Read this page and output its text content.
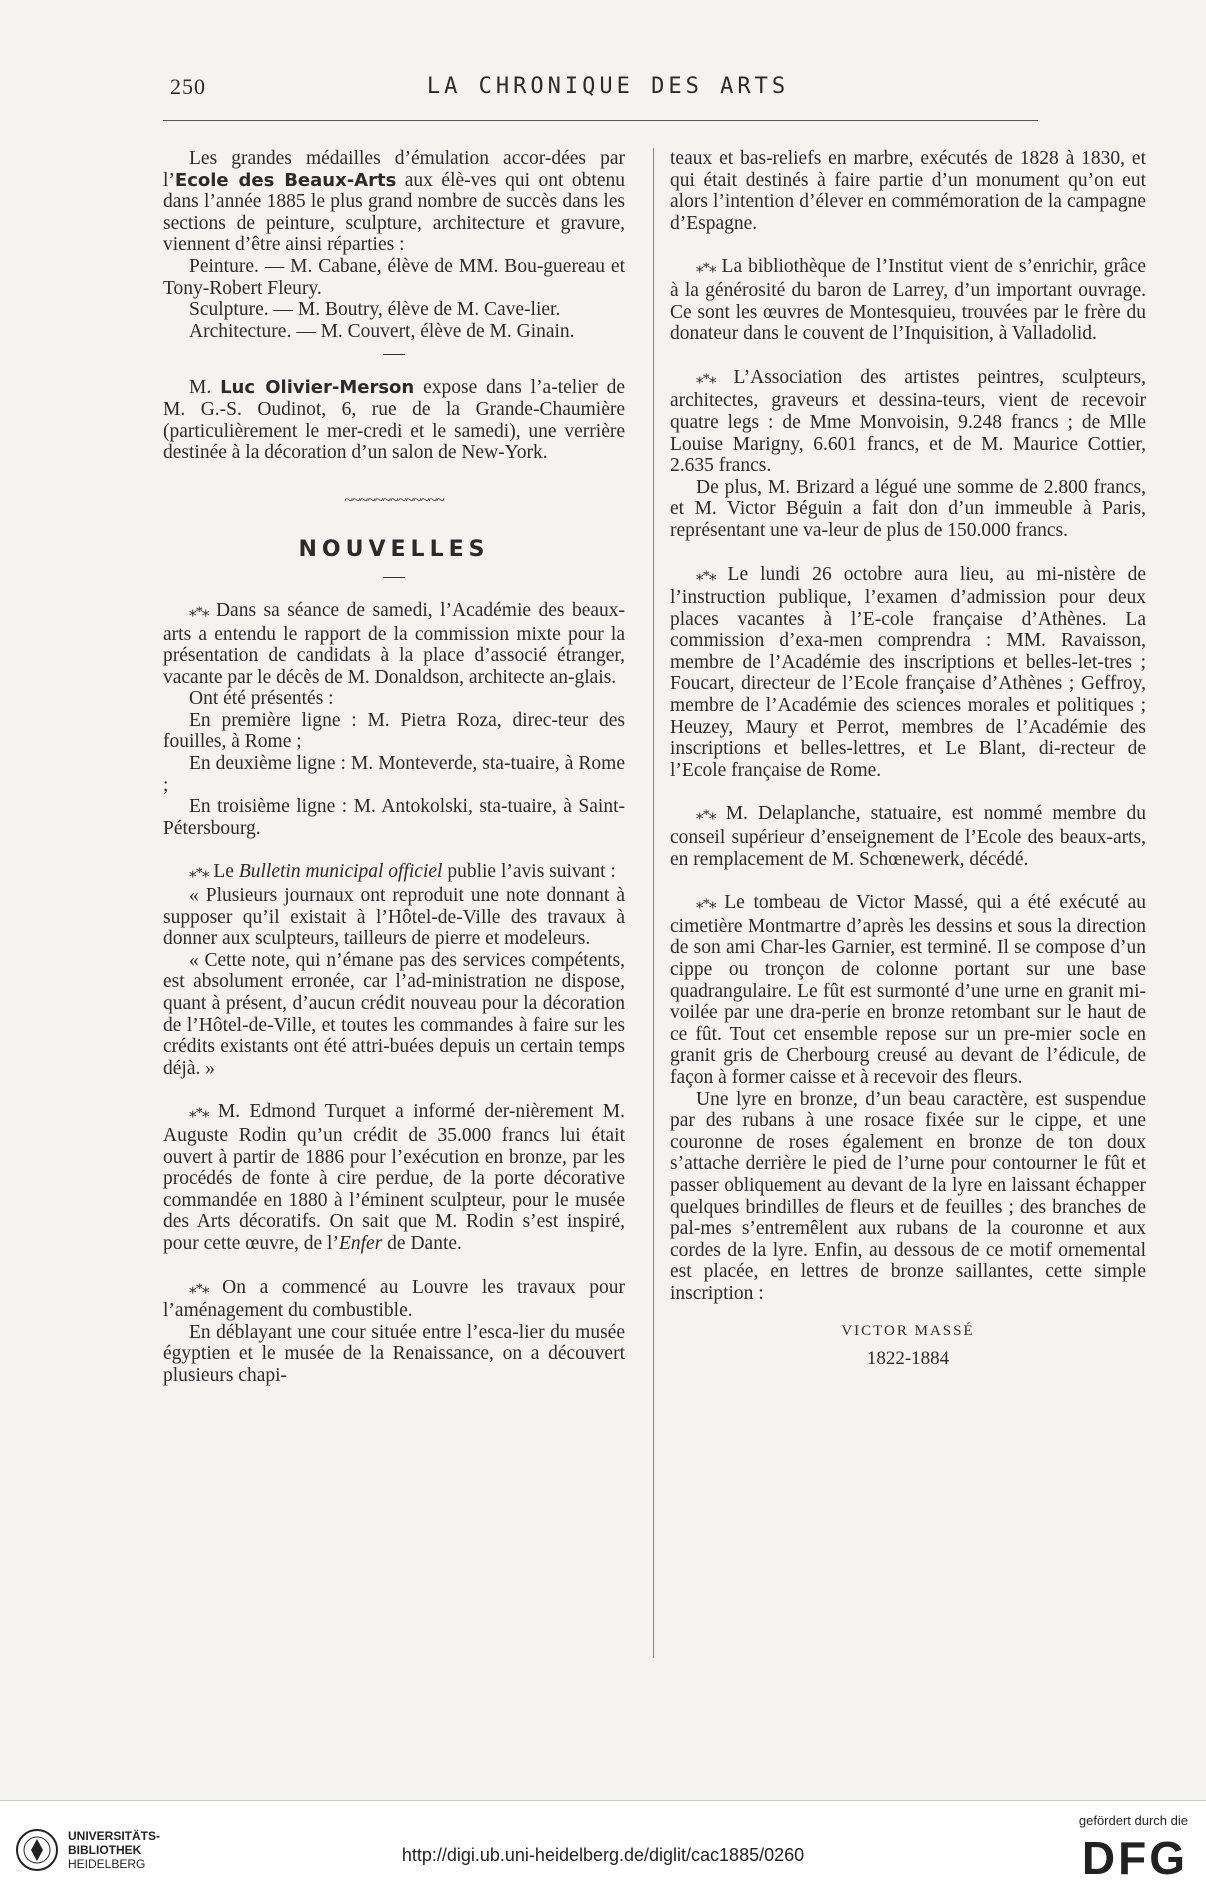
250	LA CHRONIQUE DES ARTS

Les grandes médailles d’émulation accor-dées par l’Ecole des Beaux-Arts aux élè-ves qui ont obtenu dans l’année 1885 le plus grand nombre de succès dans les sections de peinture, sculpture, architecture et gravure, viennent d’être ainsi réparties :

Peinture. — M. Cabane, élève de MM. Bou-guereau et Tony-Robert Fleury.

Sculpture. — M. Boutry, élève de M. Cave-lier.

Architecture. — M. Couvert, élève de M. Ginain.

M. Luc Olivier-Merson expose dans l’a-telier de M. G.-S. Oudinot, 6, rue de la Grande-Chaumière (particulièrement le mer-credi et le samedi), une verrière destinée à la décoration d’un salon de New-York.

~~~~~~~~~~~~~
NOUVELLES

⁎*⁎ Dans sa séance de samedi, l’Académie des beaux-arts a entendu le rapport de la commission mixte pour la présentation de candidats à la place d’associé étranger, vacante par le décès de M. Donaldson, architecte an-glais.

Ont été présentés :

En première ligne : M. Pietra Roza, direc-teur des fouilles, à Rome ;

En deuxième ligne : M. Monteverde, sta-tuaire, à Rome ;

En troisième ligne : M. Antokolski, sta-tuaire, à Saint-Pétersbourg.

⁎*⁎ Le Bulletin municipal officiel publie l’avis suivant :

« Plusieurs journaux ont reproduit une note donnant à supposer qu’il existait à l’Hôtel-de-Ville des travaux à donner aux sculpteurs, tailleurs de pierre et modeleurs.

« Cette note, qui n’émane pas des services compétents, est absolument erronée, car l’ad-ministration ne dispose, quant à présent, d’aucun crédit nouveau pour la décoration de l’Hôtel-de-Ville, et toutes les commandes à faire sur les crédits existants ont été attri-buées depuis un certain temps déjà. »

⁎*⁎ M. Edmond Turquet a informé der-nièrement M. Auguste Rodin qu’un crédit de 35.000 francs lui était ouvert à partir de 1886 pour l’exécution en bronze, par les procédés de fonte à cire perdue, de la porte décorative commandée en 1880 à l’éminent sculpteur, pour le musée des Arts décoratifs. On sait que M. Rodin s’est inspiré, pour cette œuvre, de l’Enfer de Dante.

⁎*⁎ On a commencé au Louvre les travaux pour l’aménagement du combustible.

En déblayant une cour située entre l’esca-lier du musée égyptien et le musée de la Renaissance, on a découvert plusieurs chapi-

teaux et bas-reliefs en marbre, exécutés de 1828 à 1830, et qui était destinés à faire partie d’un monument qu’on eut alors l’intention d’élever en commémoration de la campagne d’Espagne.

⁎*⁎ La bibliothèque de l’Institut vient de s’enrichir, grâce à la générosité du baron de Larrey, d’un important ouvrage. Ce sont les œuvres de Montesquieu, trouvées par le frère du donateur dans le couvent de l’Inquisition, à Valladolid.

⁎*⁎ L’Association des artistes peintres, sculpteurs, architectes, graveurs et dessina-teurs, vient de recevoir quatre legs : de Mme Monvoisin, 9.248 francs ; de Mlle Louise Marigny, 6.601 francs, et de M. Maurice Cottier, 2.635 francs.

De plus, M. Brizard a légué une somme de 2.800 francs, et M. Victor Béguin a fait don d’un immeuble à Paris, représentant une va-leur de plus de 150.000 francs.

⁎*⁎ Le lundi 26 octobre aura lieu, au mi-nistère de l’instruction publique, l’examen d’admission pour deux places vacantes à l’E-cole française d’Athènes. La commission d’exa-men comprendra : MM. Ravaisson, membre de l’Académie des inscriptions et belles-let-tres ; Foucart, directeur de l’Ecole française d’Athènes ; Geffroy, membre de l’Académie des sciences morales et politiques ; Heuzey, Maury et Perrot, membres de l’Académie des inscriptions et belles-lettres, et Le Blant, di-recteur de l’Ecole française de Rome.

⁎*⁎ M. Delaplanche, statuaire, est nommé membre du conseil supérieur d’enseignement de l’Ecole des beaux-arts, en remplacement de M. Schœnewerk, décédé.

⁎*⁎ Le tombeau de Victor Massé, qui a été exécuté au cimetière Montmartre d’après les dessins et sous la direction de son ami Char-les Garnier, est terminé. Il se compose d’un cippe ou tronçon de colonne portant sur une base quadrangulaire. Le fût est surmonté d’une urne en granit mi-voilée par une dra-perie en bronze retombant sur le haut de ce fût. Tout cet ensemble repose sur un pre-mier socle en granit gris de Cherbourg creusé au devant de l’édicule, de façon à former caisse et à recevoir des fleurs.

Une lyre en bronze, d’un beau caractère, est suspendue par des rubans à une rosace fixée sur le cippe, et une couronne de roses également en bronze de ton doux s’attache derrière le pied de l’urne pour contourner le fût et passer obliquement au devant de la lyre en laissant échapper quelques brindilles de fleurs et de feuilles ; des branches de pal-mes s’entremêlent aux rubans de la couronne et aux cordes de la lyre. Enfin, au dessous de ce motif ornemental est placée, en lettres de bronze saillantes, cette simple inscription :

VICTOR MASSÉ

1822-1884

UNIVERSITÄTS-
BIBLIOTHEK
HEIDELBERG	http://digi.ub.uni-heidelberg.de/diglit/cac1885/0260
gefördert durch die
DFG
